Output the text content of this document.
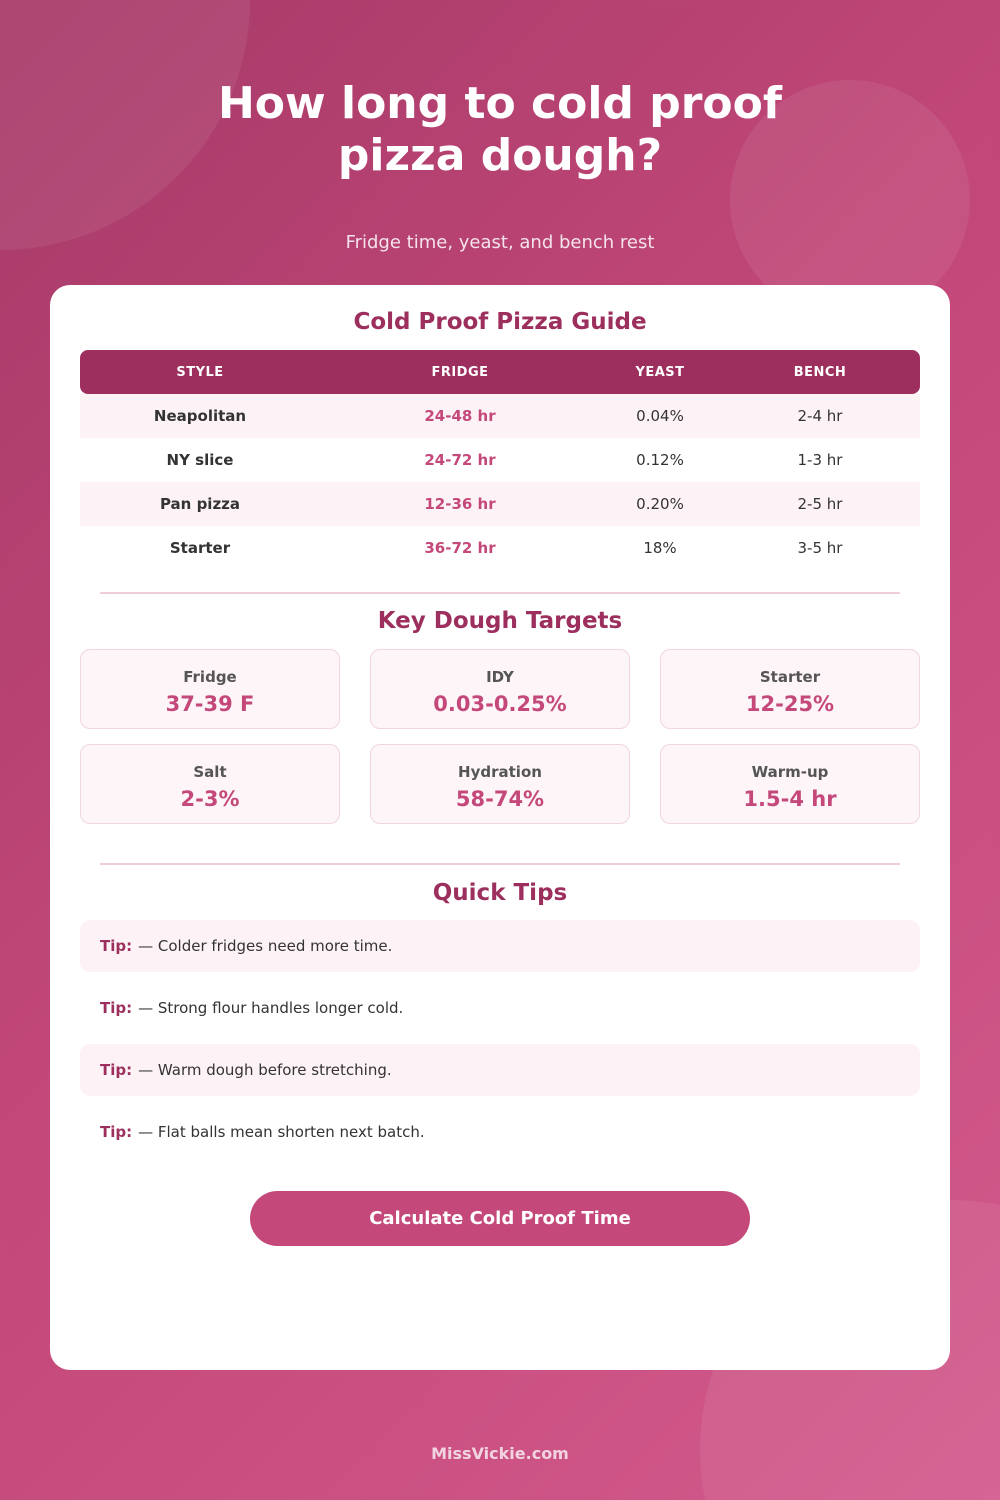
How long to cold proof
pizza dough?

Fridge time, yeast, and bench rest

Cold Proof Pizza Guide
STYLE	FRIDGE	YEAST	BENCH
Neapolitan	24-48 hr	0.04%	2-4 hr
NY slice	24-72 hr	0.12%	1-3 hr
Pan pizza	12-36 hr	0.20%	2-5 hr
Starter	36-72 hr	18%	3-5 hr
Key Dough Targets
Fridge
37-39 F
IDY
0.03-0.25%
Starter
12-25%
Salt
2-3%
Hydration
58-74%
Warm-up
1.5-4 hr
Quick Tips
Tip: — Colder fridges need more time.
Tip: — Strong flour handles longer cold.
Tip: — Warm dough before stretching.
Tip: — Flat balls mean shorten next batch.
Calculate Cold Proof Time
MissVickie.com
